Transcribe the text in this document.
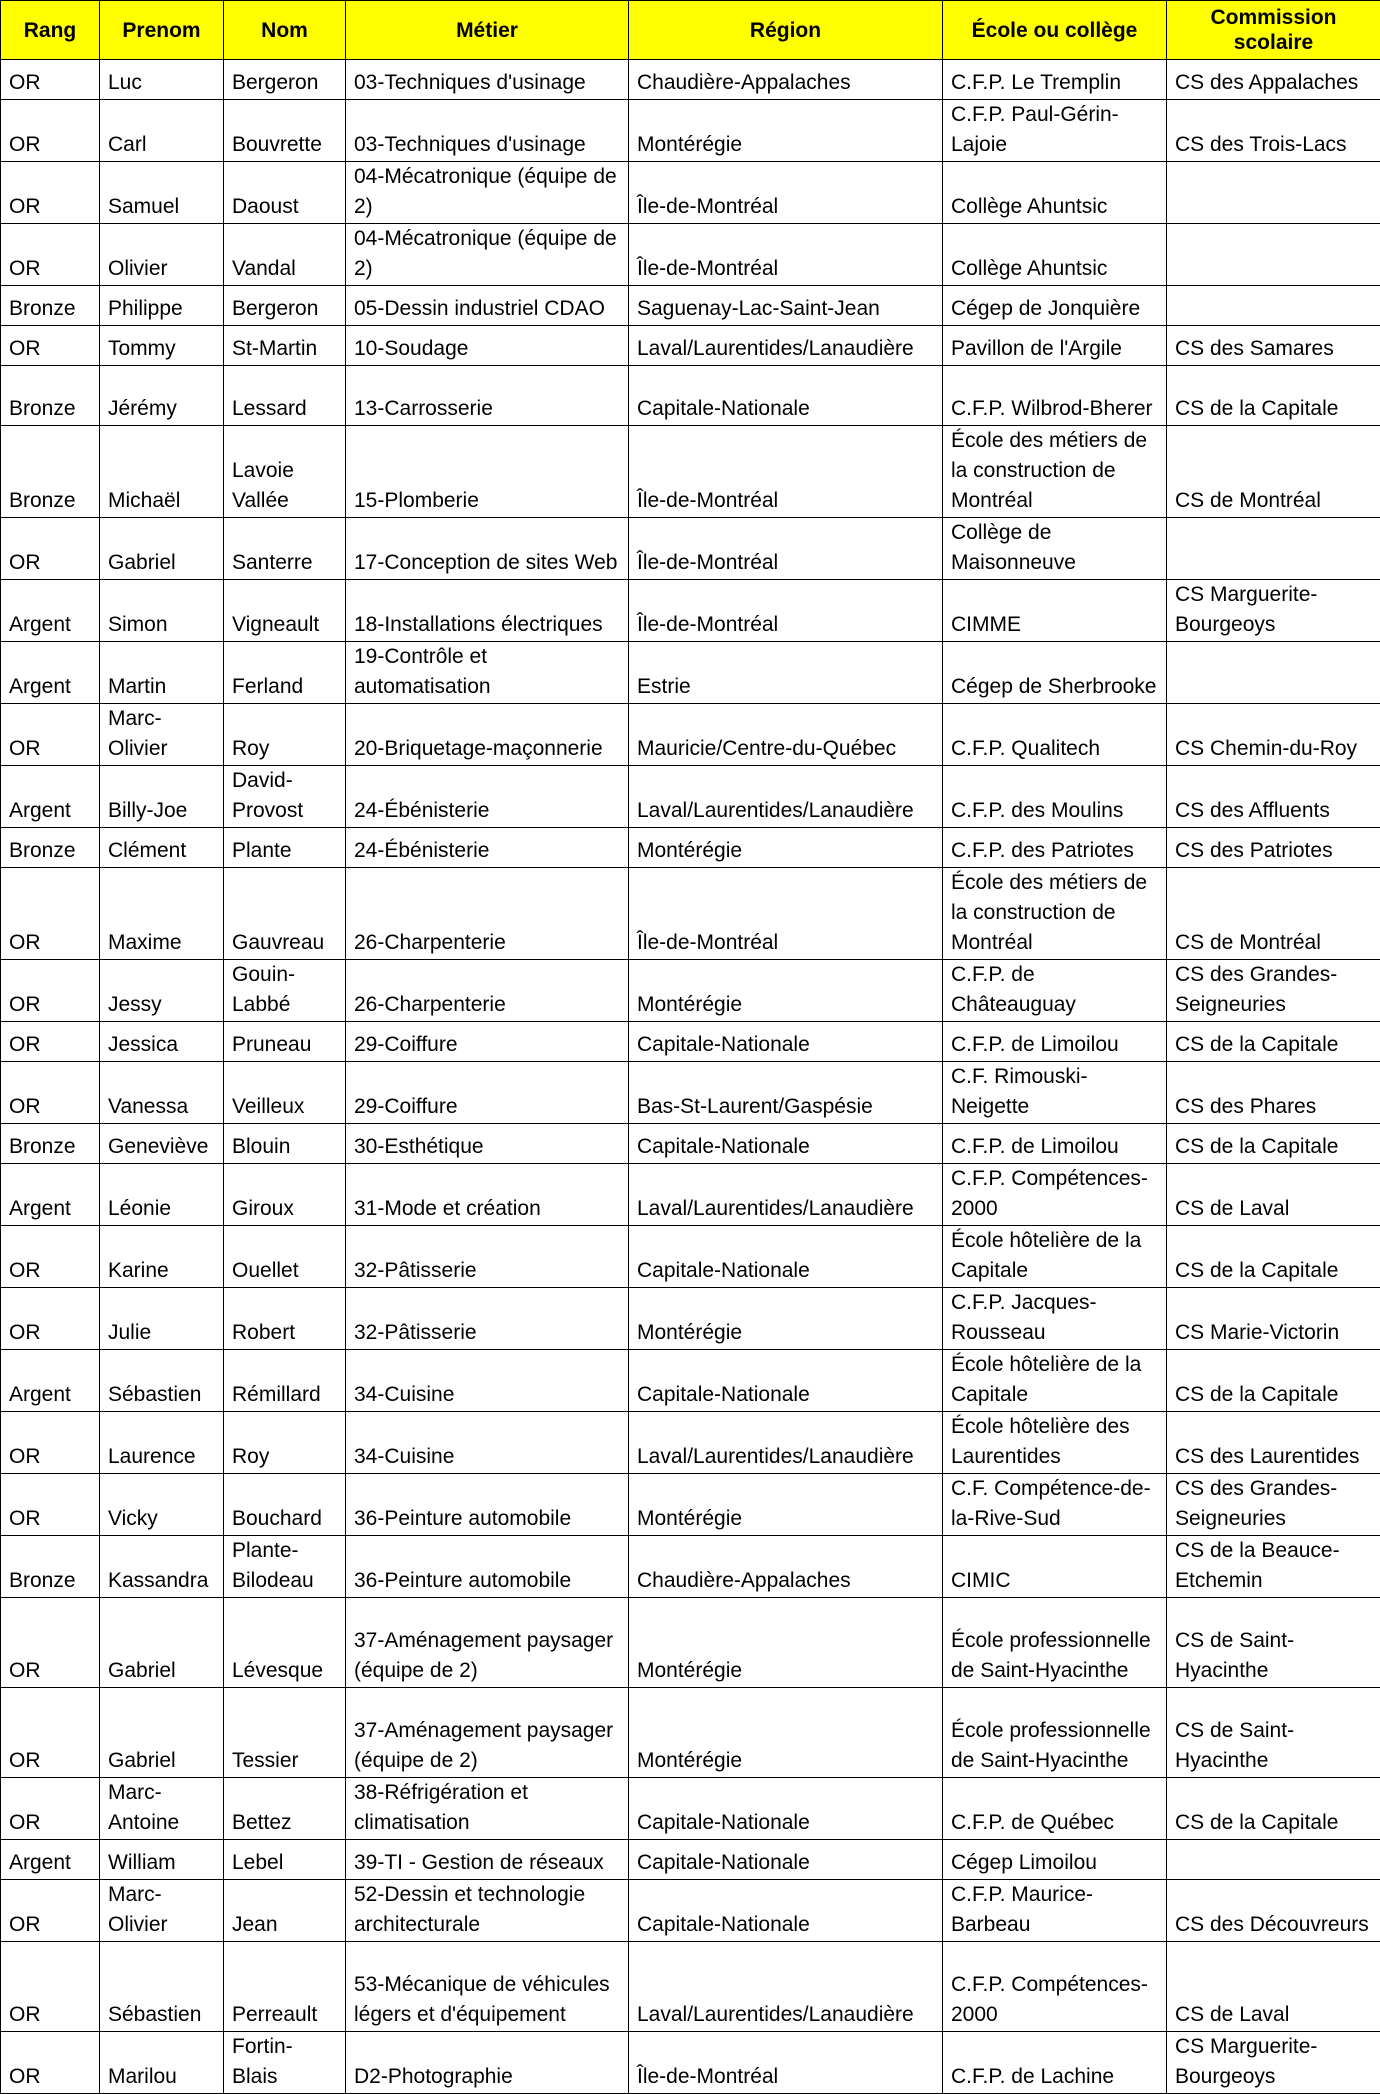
Rang	Prenom	Nom	Métier	Région	École ou collège	Commission scolaire
OR	Luc	Bergeron	03-Techniques d'usinage	Chaudière-Appalaches	C.F.P. Le Tremplin	CS des Appalaches
OR	Carl	Bouvrette	03-Techniques d'usinage	Montérégie	C.F.P. Paul-Gérin-Lajoie	CS des Trois-Lacs
OR	Samuel	Daoust	04-Mécatronique (équipe de 2)	Île-de-Montréal	Collège Ahuntsic	
OR	Olivier	Vandal	04-Mécatronique (équipe de 2)	Île-de-Montréal	Collège Ahuntsic	
Bronze	Philippe	Bergeron	05-Dessin industriel CDAO	Saguenay-Lac-Saint-Jean	Cégep de Jonquière	
OR	Tommy	St-Martin	10-Soudage	Laval/Laurentides/Lanaudière	Pavillon de l'Argile	CS des Samares
Bronze	Jérémy	Lessard	13-Carrosserie	Capitale-Nationale	C.F.P. Wilbrod-Bherer	CS de la Capitale
Bronze	Michaël	Lavoie Vallée	15-Plomberie	Île-de-Montréal	École des métiers de la construction de Montréal	CS de Montréal
OR	Gabriel	Santerre	17-Conception de sites Web	Île-de-Montréal	Collège de Maisonneuve	
Argent	Simon	Vigneault	18-Installations électriques	Île-de-Montréal	CIMME	CS Marguerite-Bourgeoys
Argent	Martin	Ferland	19-Contrôle et automatisation	Estrie	Cégep de Sherbrooke	
OR	Marc-Olivier	Roy	20-Briquetage-maçonnerie	Mauricie/Centre-du-Québec	C.F.P. Qualitech	CS Chemin-du-Roy
Argent	Billy-Joe	David-Provost	24-Ébénisterie	Laval/Laurentides/Lanaudière	C.F.P. des Moulins	CS des Affluents
Bronze	Clément	Plante	24-Ébénisterie	Montérégie	C.F.P. des Patriotes	CS des Patriotes
OR	Maxime	Gauvreau	26-Charpenterie	Île-de-Montréal	École des métiers de la construction de Montréal	CS de Montréal
OR	Jessy	Gouin-Labbé	26-Charpenterie	Montérégie	C.F.P. de Châteauguay	CS des Grandes-Seigneuries
OR	Jessica	Pruneau	29-Coiffure	Capitale-Nationale	C.F.P. de Limoilou	CS de la Capitale
OR	Vanessa	Veilleux	29-Coiffure	Bas-St-Laurent/Gaspésie	C.F. Rimouski-Neigette	CS des Phares
Bronze	Geneviève	Blouin	30-Esthétique	Capitale-Nationale	C.F.P. de Limoilou	CS de la Capitale
Argent	Léonie	Giroux	31-Mode et création	Laval/Laurentides/Lanaudière	C.F.P. Compétences-2000	CS de Laval
OR	Karine	Ouellet	32-Pâtisserie	Capitale-Nationale	École hôtelière de la Capitale	CS de la Capitale
OR	Julie	Robert	32-Pâtisserie	Montérégie	C.F.P. Jacques-Rousseau	CS Marie-Victorin
Argent	Sébastien	Rémillard	34-Cuisine	Capitale-Nationale	École hôtelière de la Capitale	CS de la Capitale
OR	Laurence	Roy	34-Cuisine	Laval/Laurentides/Lanaudière	École hôtelière des Laurentides	CS des Laurentides
OR	Vicky	Bouchard	36-Peinture automobile	Montérégie	C.F. Compétence-de-la-Rive-Sud	CS des Grandes-Seigneuries
Bronze	Kassandra	Plante-Bilodeau	36-Peinture automobile	Chaudière-Appalaches	CIMIC	CS de la Beauce-Etchemin
OR	Gabriel	Lévesque	37-Aménagement paysager (équipe de 2)	Montérégie	École professionnelle de Saint-Hyacinthe	CS de Saint-Hyacinthe
OR	Gabriel	Tessier	37-Aménagement paysager (équipe de 2)	Montérégie	École professionnelle de Saint-Hyacinthe	CS de Saint-Hyacinthe
OR	Marc-Antoine	Bettez	38-Réfrigération et climatisation	Capitale-Nationale	C.F.P. de Québec	CS de la Capitale
Argent	William	Lebel	39-TI - Gestion de réseaux	Capitale-Nationale	Cégep Limoilou	
OR	Marc-Olivier	Jean	52-Dessin et technologie architecturale	Capitale-Nationale	C.F.P. Maurice-Barbeau	CS des Découvreurs
OR	Sébastien	Perreault	53-Mécanique de véhicules légers et d'équipement	Laval/Laurentides/Lanaudière	C.F.P. Compétences-2000	CS de Laval
OR	Marilou	Fortin-Blais	D2-Photographie	Île-de-Montréal	C.F.P. de Lachine	CS Marguerite-Bourgeoys
